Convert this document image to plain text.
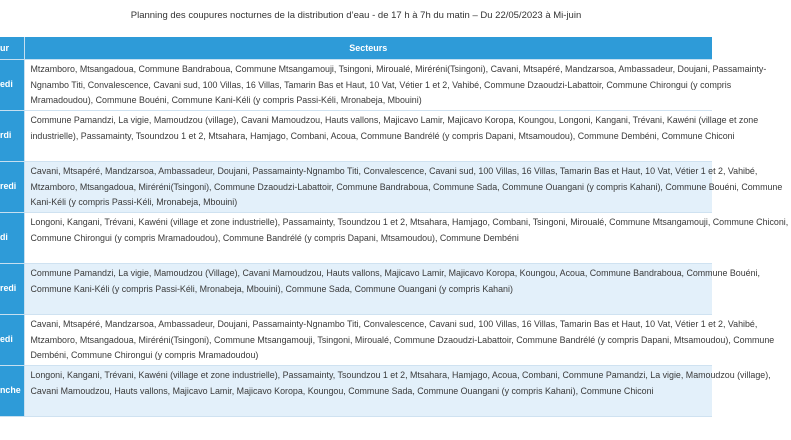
Planning des coupures nocturnes de la distribution d’eau - de 17 h à 7h du matin – Du 22/05/2023 à Mi-juin
ur	Secteurs
edi	Mtzamboro, Mtsangadoua, Commune Bandraboua, Commune Mtsangamouji, Tsingoni, Miroualé, Miréréni(Tsingoni), Cavani, Mtsapéré, Mandzarsoa, Ambassadeur, Doujani, Passamainty-Ngnambo Titi, Convalescence, Cavani sud, 100 Villas, 16 Villas, Tamarin Bas et Haut, 10 Vat, Vétier 1 et 2, Vahibé, Commune Dzaoudzi-Labattoir, Commune Chirongui (y compris Mramadoudou), Commune Bouéni, Commune Kani-Kéli (y compris Passi-Kéli, Mronabeja, Mbouini)

rdi	Commune Pamandzi, La vigie, Mamoudzou (village), Cavani Mamoudzou, Hauts vallons, Majicavo Lamir, Majicavo Koropa, Koungou, Longoni, Kangani, Trévani, Kawéni (village et zone industrielle), Passamainty, Tsoundzou 1 et 2, Mtsahara, Hamjago, Combani, Acoua, Commune Bandrélé (y compris Dapani, Mtsamoudou), Commune Dembéni, Commune Chiconi

redi	Cavani, Mtsapéré, Mandzarsoa, Ambassadeur, Doujani, Passamainty-Ngnambo Titi, Convalescence, Cavani sud, 100 Villas, 16 Villas, Tamarin Bas et Haut, 10 Vat, Vétier 1 et 2, Vahibé, Mtzamboro, Mtsangadoua, Miréréni(Tsingoni), Commune Dzaoudzi-Labattoir, Commune Bandraboua, Commune Sada, Commune Ouangani (y compris Kahani), Commune Bouéni, Commune Kani-Kéli (y compris Passi-Kéli, Mronabeja, Mbouini)

di	Longoni, Kangani, Trévani, Kawéni (village et zone industrielle), Passamainty, Tsoundzou 1 et 2, Mtsahara, Hamjago, Combani, Tsingoni, Miroualé, Commune Mtsangamouji, Commune Chiconi, Commune Chirongui (y compris Mramadoudou), Commune Bandrélé (y compris Dapani, Mtsamoudou), Commune Dembéni

redi	Commune Pamandzi, La vigie, Mamoudzou (Village), Cavani Mamoudzou, Hauts vallons, Majicavo Lamir, Majicavo Koropa, Koungou, Acoua, Commune Bandraboua, Commune Bouéni, Commune Kani-Kéli (y compris Passi-Kéli, Mronabeja, Mbouini), Commune Sada, Commune Ouangani (y compris Kahani)

edi	Cavani, Mtsapéré, Mandzarsoa, Ambassadeur, Doujani, Passamainty-Ngnambo Titi, Convalescence, Cavani sud, 100 Villas, 16 Villas, Tamarin Bas et Haut, 10 Vat, Vétier 1 et 2, Vahibé, Mtzamboro, Mtsangadoua, Miréréni(Tsingoni), Commune Mtsangamouji, Tsingoni, Miroualé, Commune Dzaoudzi-Labattoir, Commune Bandrélé (y compris Dapani, Mtsamoudou), Commune Dembéni, Commune Chirongui (y compris Mramadoudou)

nche	Longoni, Kangani, Trévani, Kawéni (village et zone industrielle), Passamainty, Tsoundzou 1 et 2, Mtsahara, Hamjago, Acoua, Combani, Commune Pamandzi, La vigie, Mamoudzou (village), Cavani Mamoudzou, Hauts vallons, Majicavo Lamir, Majicavo Koropa, Koungou, Commune Sada, Commune Ouangani (y compris Kahani), Commune Chiconi
